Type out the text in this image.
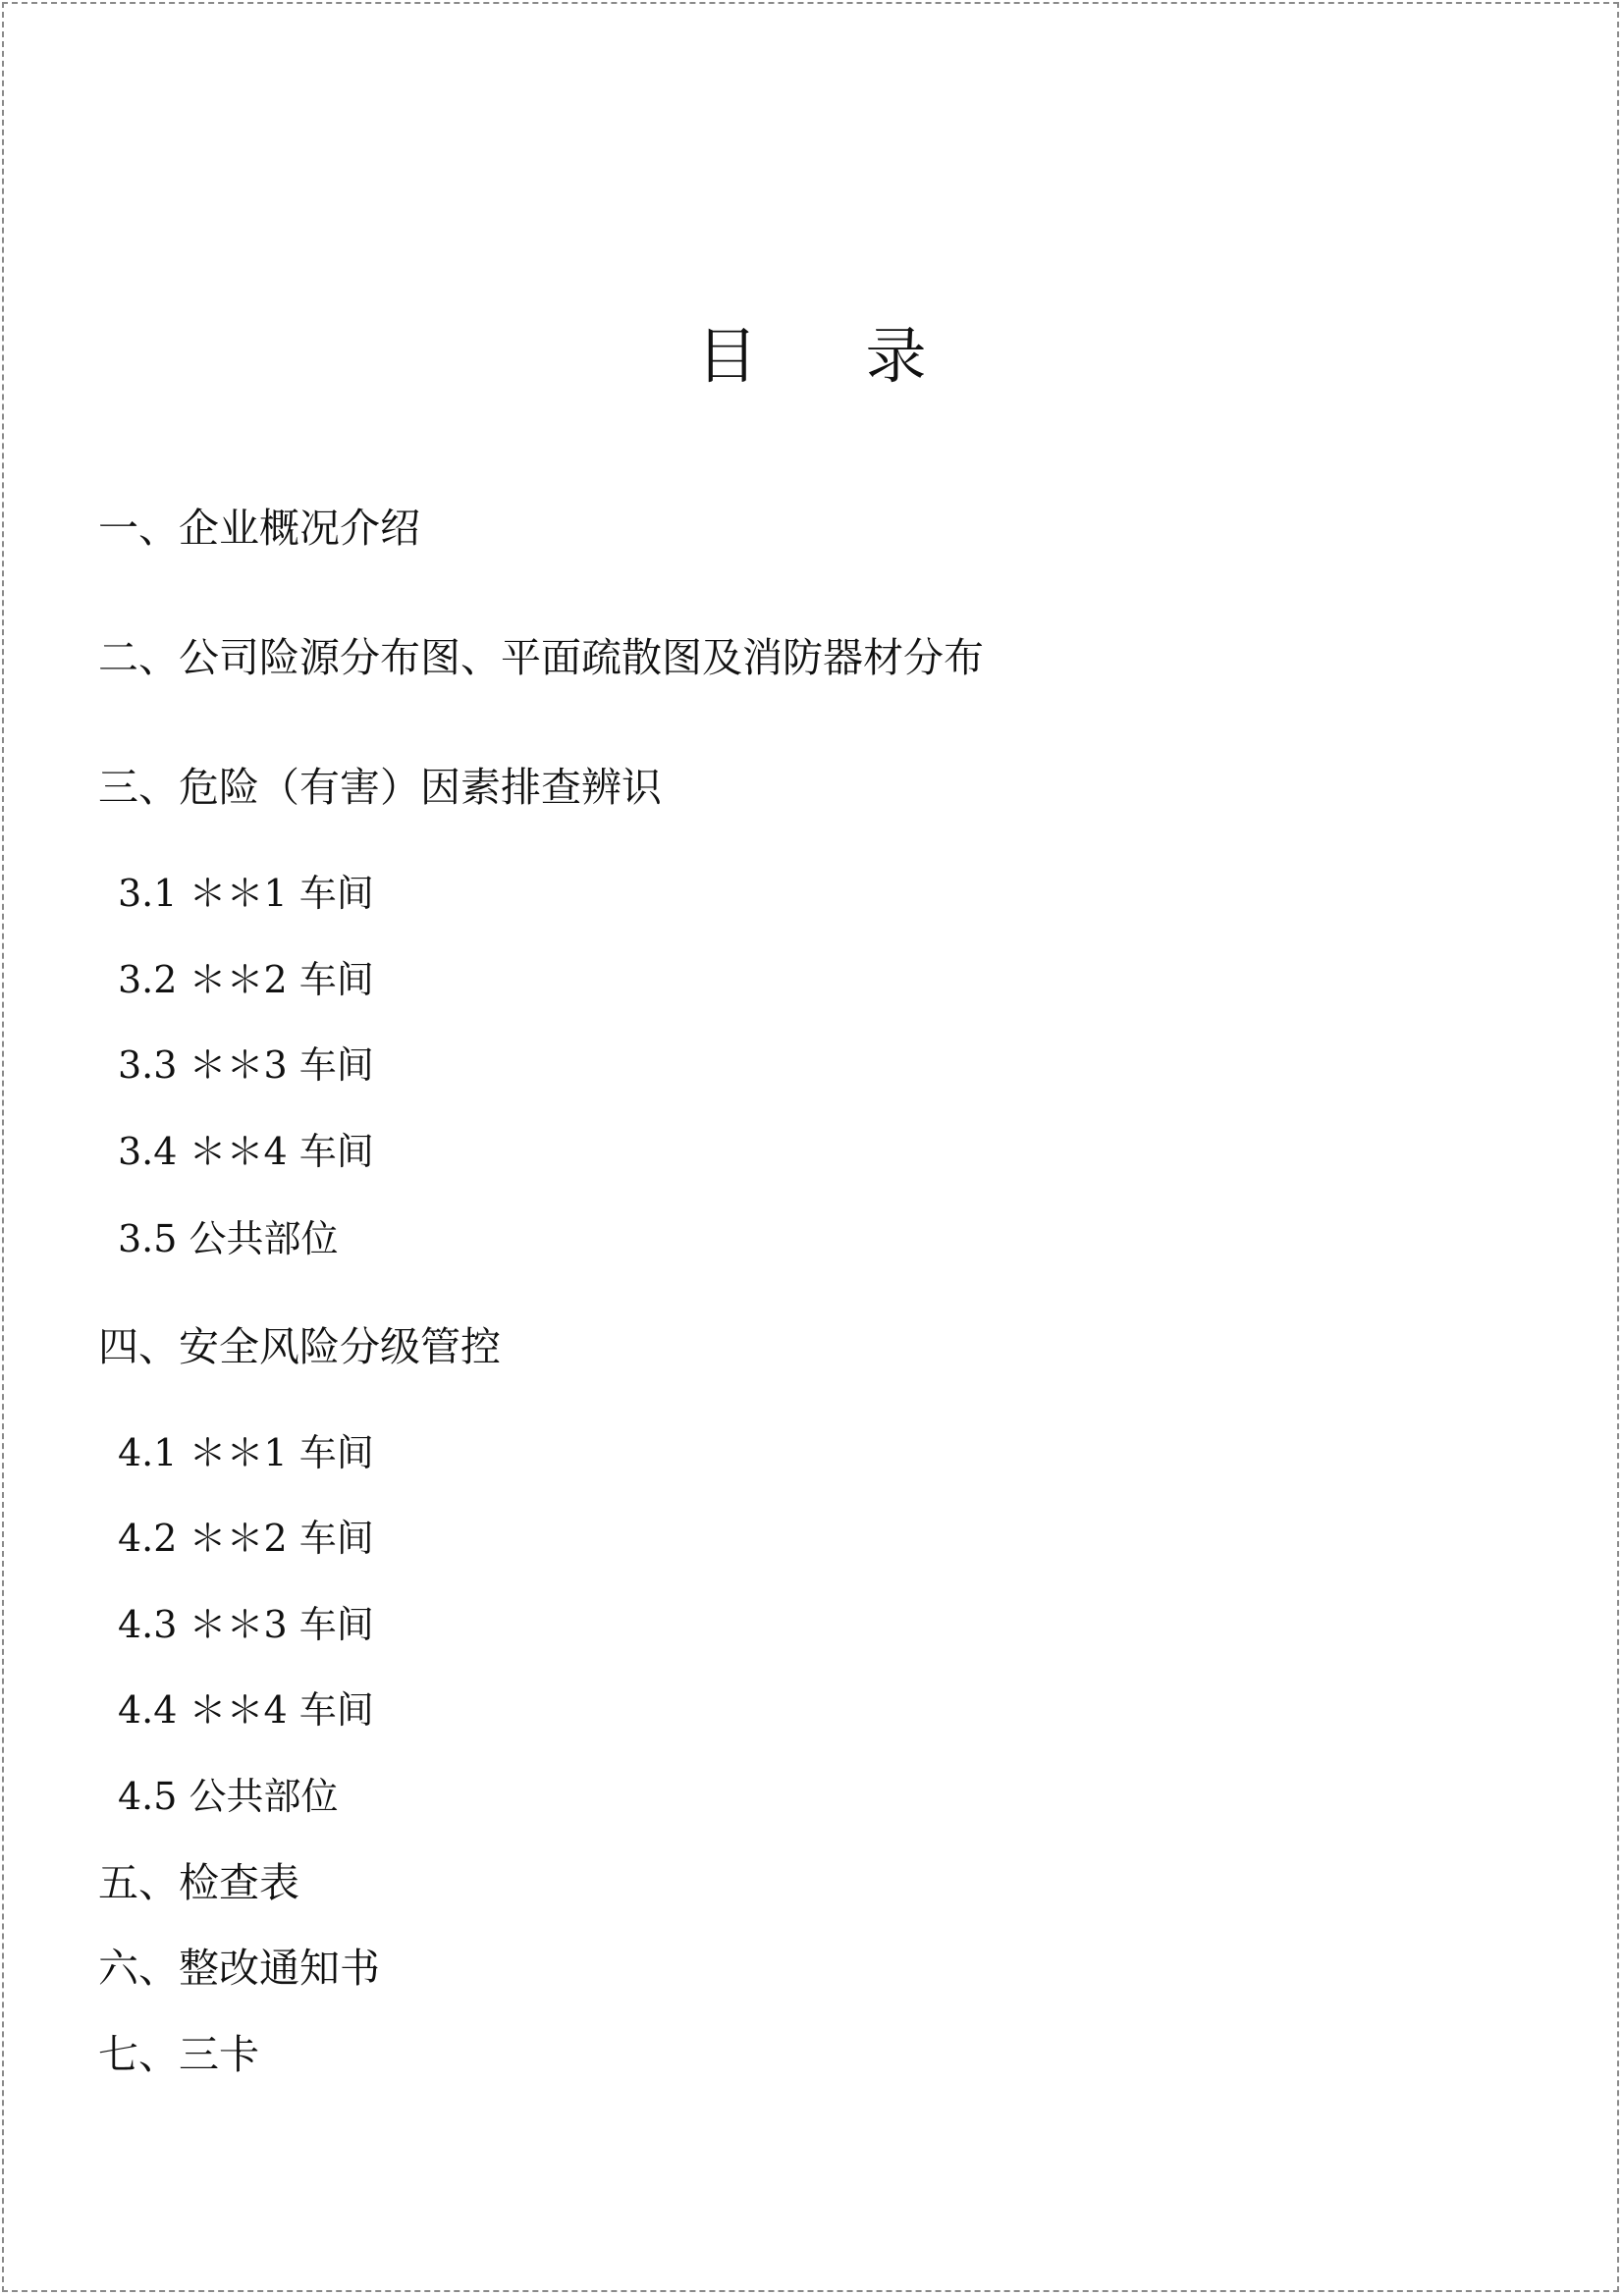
目 录
一、企业概况介绍
二、公司险源分布图、平面疏散图及消防器材分布
三、危险（有害）因素排查辨识
3.1 ＊＊1 车间
3.2 ＊＊2 车间
3.3 ＊＊3 车间
3.4 ＊＊4 车间
3.5 公共部位
四、安全风险分级管控
4.1 ＊＊1 车间
4.2 ＊＊2 车间
4.3 ＊＊3 车间
4.4 ＊＊4 车间
4.5 公共部位
五、检查表
六、整改通知书
七、三卡
